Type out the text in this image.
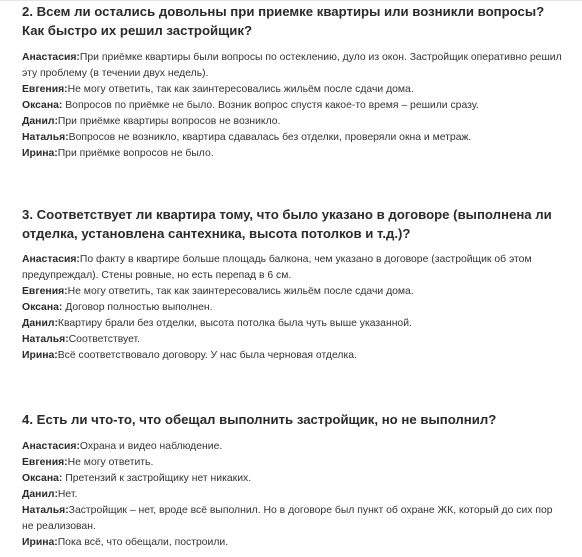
2. Всем ли остались довольны при приемке квартиры или возникли вопросы? Как быстро их решил застройщик?

Анастасия:При приёмке квартиры были вопросы по остеклению, дуло из окон. Застройщик оперативно решил эту проблему (в течении двух недель).

Евгения:Не могу ответить, так как заинтересовались жильём после сдачи дома.

Оксана: Вопросов по приёмке не было. Возник вопрос спустя какое-то время – решили сразу.

Данил:При приёмке квартиры вопросов не возникло.

Наталья:Вопросов не возникло, квартира сдавалась без отделки, проверяли окна и метраж.

Ирина:При приёмке вопросов не было.

3. Соответствует ли квартира тому, что было указано в договоре (выполнена ли отделка, установлена сантехника, высота потолков и т.д.)?

Анастасия:По факту в квартире больше площадь балкона, чем указано в договоре (застройщик об этом предупреждал). Стены ровные, но есть перепад в 6 см.

Евгения:Не могу ответить, так как заинтересовались жильём после сдачи дома.

Оксана: Договор полностью выполнен.

Данил:Квартиру брали без отделки, высота потолка была чуть выше указанной.

Наталья:Соответствует.

Ирина:Всё соответствовало договору. У нас была черновая отделка.

4. Есть ли что-то, что обещал выполнить застройщик, но не выполнил?

Анастасия:Охрана и видео наблюдение.

Евгения:Не могу ответить.

Оксана: Претензий к застройщику нет никаких.

Данил:Нет.

Наталья:Застройщик – нет, вроде всё выполнил. Но в договоре был пункт об охране ЖК, который до сих пор не реализован.

Ирина:Пока всё, что обещали, построили.
